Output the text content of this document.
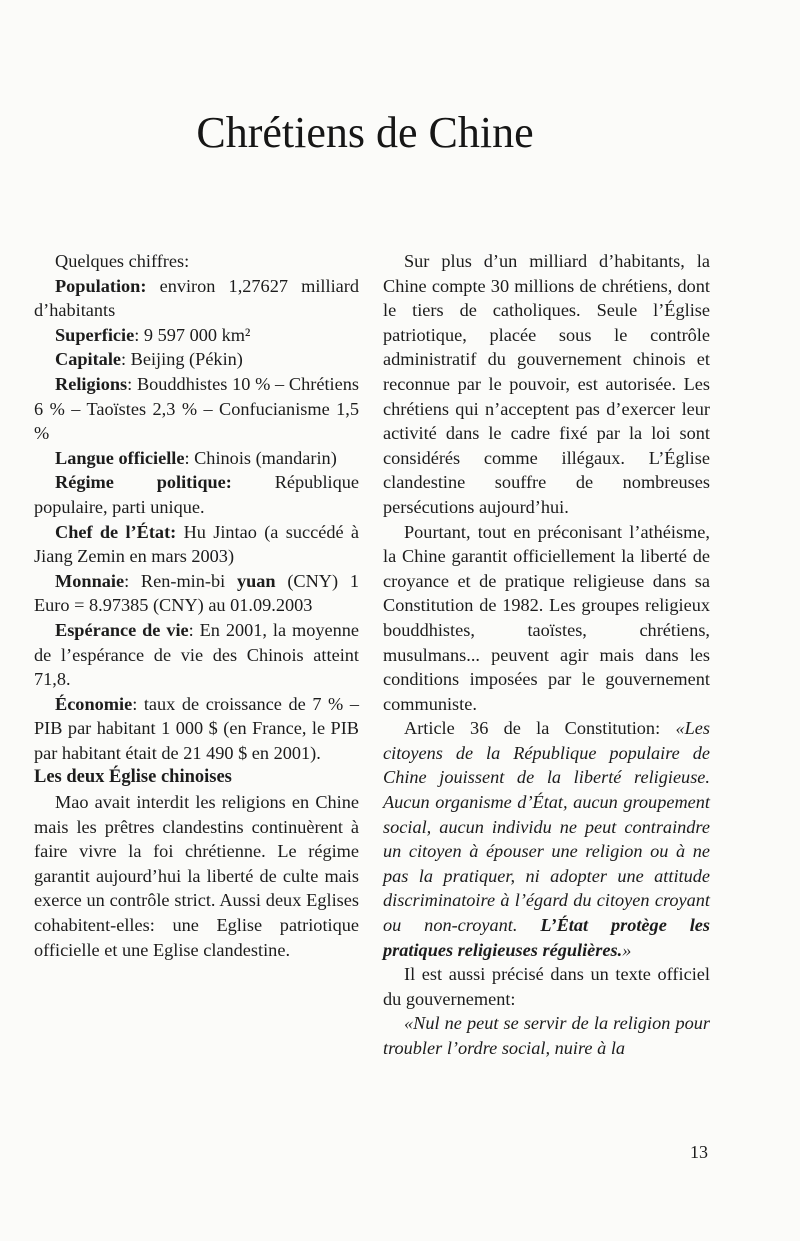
Chrétiens de Chine

Quelques chiffres:

Population: environ 1,27627 milliard d’habitants

Superficie: 9 597 000 km²

Capitale: Beijing (Pékin)

Religions: Bouddhistes 10 % – Chrétiens 6 % – Taoïstes 2,3 % – Confucianisme 1,5 %

Langue officielle: Chinois (mandarin)

Régime politique: République populaire, parti unique.

Chef de l’État: Hu Jintao (a succédé à Jiang Zemin en mars 2003)

Monnaie: Ren-min-bi yuan (CNY) 1 Euro = 8.97385 (CNY) au 01.09.2003

Espérance de vie: En 2001, la moyenne de l’espérance de vie des Chinois atteint 71,8.

Économie: taux de croissance de 7 % – PIB par habitant 1 000 $ (en France, le PIB par habitant était de 21 490 $ en 2001).

Les deux Église chinoises

Mao avait interdit les religions en Chine mais les prêtres clandestins continuèrent à faire vivre la foi chrétienne. Le régime garantit aujourd’hui la liberté de culte mais exerce un contrôle strict. Aussi deux Eglises cohabitent-elles: une Eglise patriotique officielle et une Eglise clandestine.

Sur plus d’un milliard d’habitants, la Chine compte 30 millions de chrétiens, dont le tiers de catholiques. Seule l’Église patriotique, placée sous le contrôle administratif du gouvernement chinois et reconnue par le pouvoir, est autorisée. Les chrétiens qui n’acceptent pas d’exercer leur activité dans le cadre fixé par la loi sont considérés comme illégaux. L’Église clandestine souffre de nombreuses persécutions aujourd’hui.

Pourtant, tout en préconisant l’athéisme, la Chine garantit officiellement la liberté de croyance et de pratique religieuse dans sa Constitution de 1982. Les groupes religieux bouddhistes, taoïstes, chrétiens, musulmans... peuvent agir mais dans les conditions imposées par le gouvernement communiste.

Article 36 de la Constitution: «Les citoyens de la République populaire de Chine jouissent de la liberté religieuse. Aucun organisme d’État, aucun groupement social, aucun individu ne peut contraindre un citoyen à épouser une religion ou à ne pas la pratiquer, ni adopter une attitude discriminatoire à l’égard du citoyen croyant ou non-croyant. L’État protège les pratiques religieuses régulières.»

Il est aussi précisé dans un texte officiel du gouvernement:

«Nul ne peut se servir de la religion pour troubler l’ordre social, nuire à la

13
